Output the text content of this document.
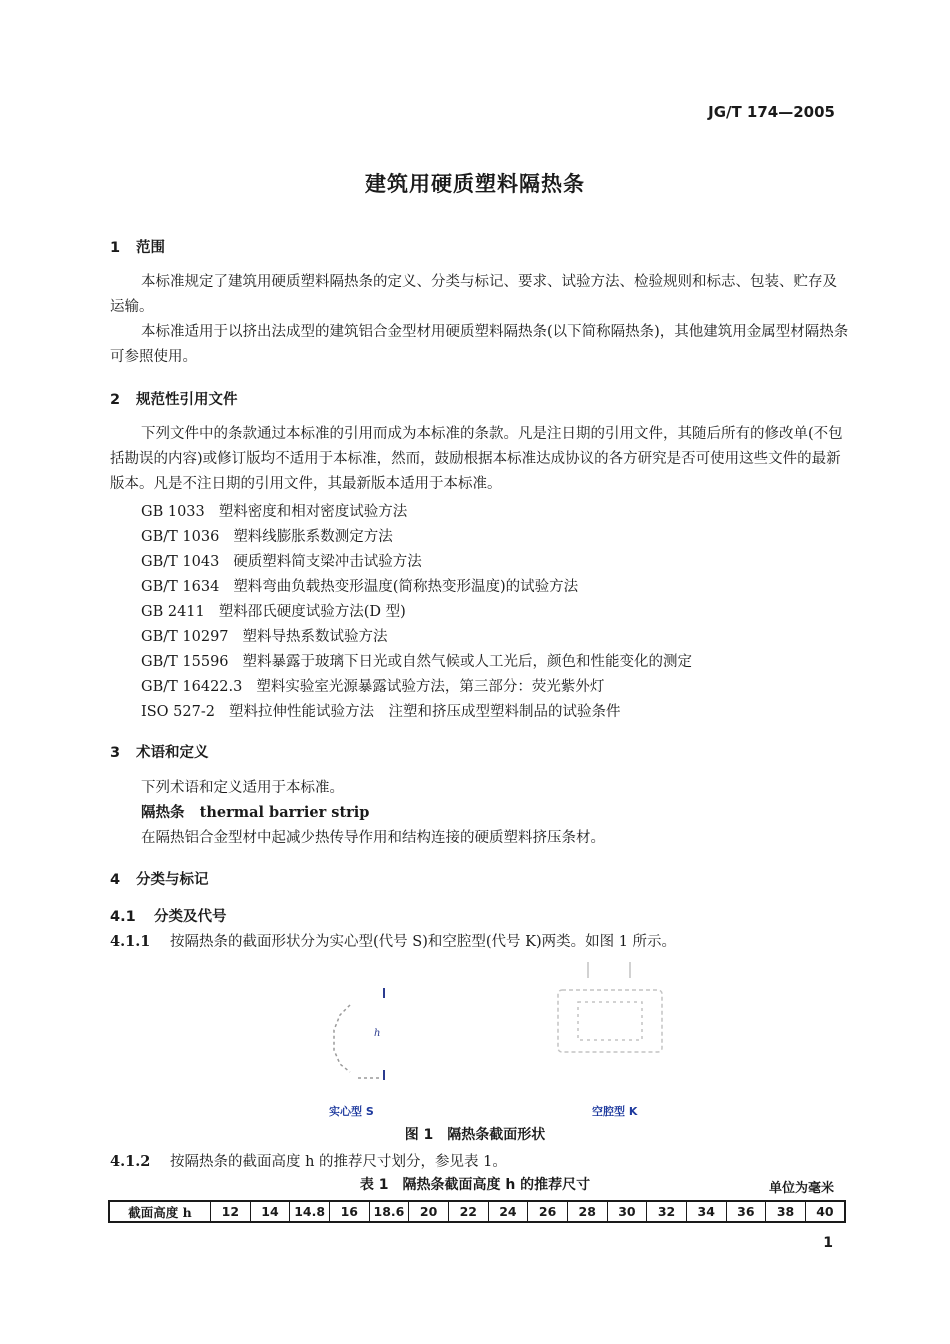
JG/T 174—2005
建筑用硬质塑料隔热条
1 范围
本标准规定了建筑用硬质塑料隔热条的定义、分类与标记、要求、试验方法、检验规则和标志、包装、贮存及运输。
本标准适用于以挤出法成型的建筑铝合金型材用硬质塑料隔热条(以下简称隔热条)，其他建筑用金属型材隔热条可参照使用。
2 规范性引用文件
下列文件中的条款通过本标准的引用而成为本标准的条款。凡是注日期的引用文件，其随后所有的修改单(不包括勘误的内容)或修订版均不适用于本标准，然而，鼓励根据本标准达成协议的各方研究是否可使用这些文件的最新版本。凡是不注日期的引用文件，其最新版本适用于本标准。
GB 1033 塑料密度和相对密度试验方法
GB/T 1036 塑料线膨胀系数测定方法
GB/T 1043 硬质塑料简支梁冲击试验方法
GB/T 1634 塑料弯曲负载热变形温度(简称热变形温度)的试验方法
GB 2411 塑料邵氏硬度试验方法(D 型)
GB/T 10297 塑料导热系数试验方法
GB/T 15596 塑料暴露于玻璃下日光或自然气候或人工光后，颜色和性能变化的测定
GB/T 16422.3 塑料实验室光源暴露试验方法，第三部分：荧光紫外灯
ISO 527-2 塑料拉伸性能试验方法　注塑和挤压成型塑料制品的试验条件
3 术语和定义
下列术语和定义适用于本标准。
隔热条 thermal barrier strip
在隔热铝合金型材中起减少热传导作用和结构连接的硬质塑料挤压条材。
4 分类与标记
4.1 分类及代号
4.1.1 按隔热条的截面形状分为实心型(代号 S)和空腔型(代号 K)两类。如图 1 所示。
h
实心型 S	空腔型 K
图 1　隔热条截面形状
4.1.2 按隔热条的截面高度 h 的推荐尺寸划分，参见表 1。
表 1　隔热条截面高度 h 的推荐尺寸	单位为毫米
截面高度 h	12	14	14.8	16	18.6	20	22	24	26	28	30	32	34	36	38	40
1
